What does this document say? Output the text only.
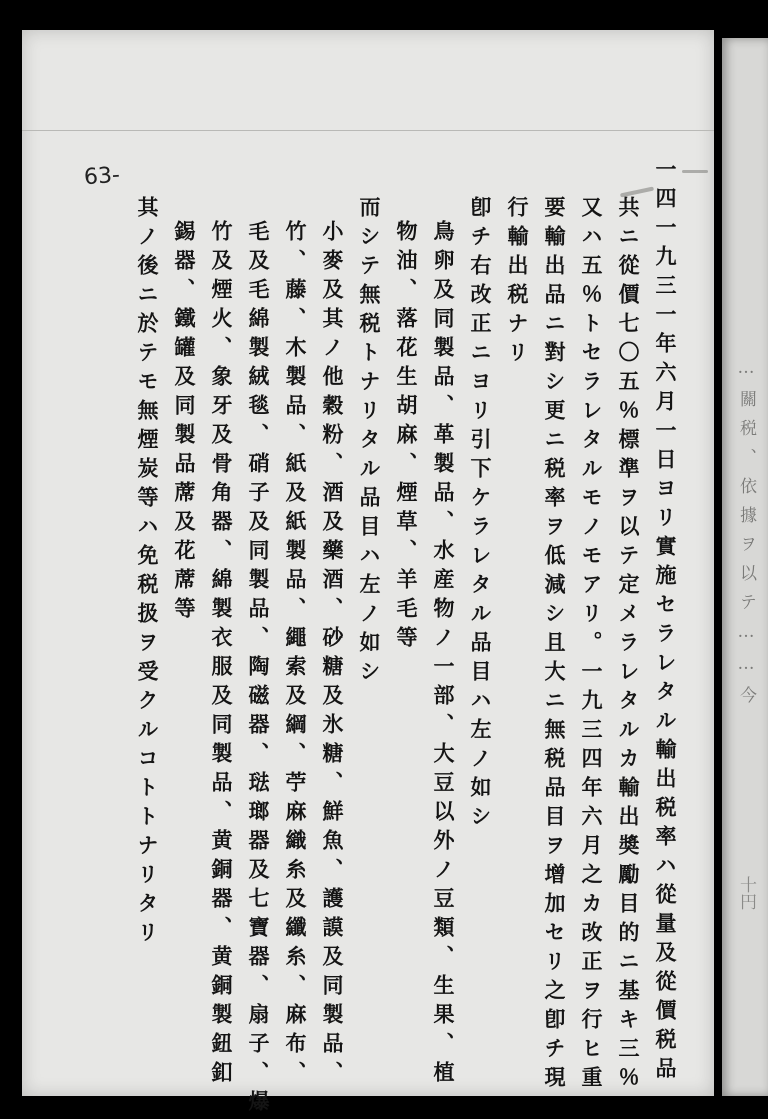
63-	一四一九三一年六月一日ヨリ實施セラレタル輸出税率ハ從量及從價税品
共ニ從價七〇五％標準ヲ以テ定メラレタルカ輸出奬勵目的ニ基キ三％
又ハ五％トセラレタルモノモアリ。一九三四年六月之カ改正ヲ行ヒ重
要輸出品ニ對シ更ニ税率ヲ低減シ且大ニ無税品目ヲ增加セリ之卽チ現
行輸出税ナリ
卽チ右改正ニヨリ引下ケラレタル品目ハ左ノ如シ
鳥卵及同製品、革製品、水産物ノ一部、大豆以外ノ豆類、生果、植
物油、落花生胡麻、煙草、羊毛等
而シテ無税トナリタル品目ハ左ノ如シ
小麥及其ノ他穀粉、酒及藥酒、砂糖及氷糖、鮮魚、護謨及同製品、
竹、藤、木製品、紙及紙製品、繩索及綱、苧麻織糸及纖糸、麻布、
毛及毛綿製絨毯、硝子及同製品、陶磁器、琺瑯器及七寶器、扇子、爆
竹及煙火、象牙及骨角器、綿製衣服及同製品、黄銅器、黄銅製鈕釦
錫器、鐵罐及同製品蓆及花蓆等
其ノ後ニ於テモ無煙炭等ハ免税扱ヲ受クルコトトナリタリ	…關税、依據ヲ以テ……今
十円
